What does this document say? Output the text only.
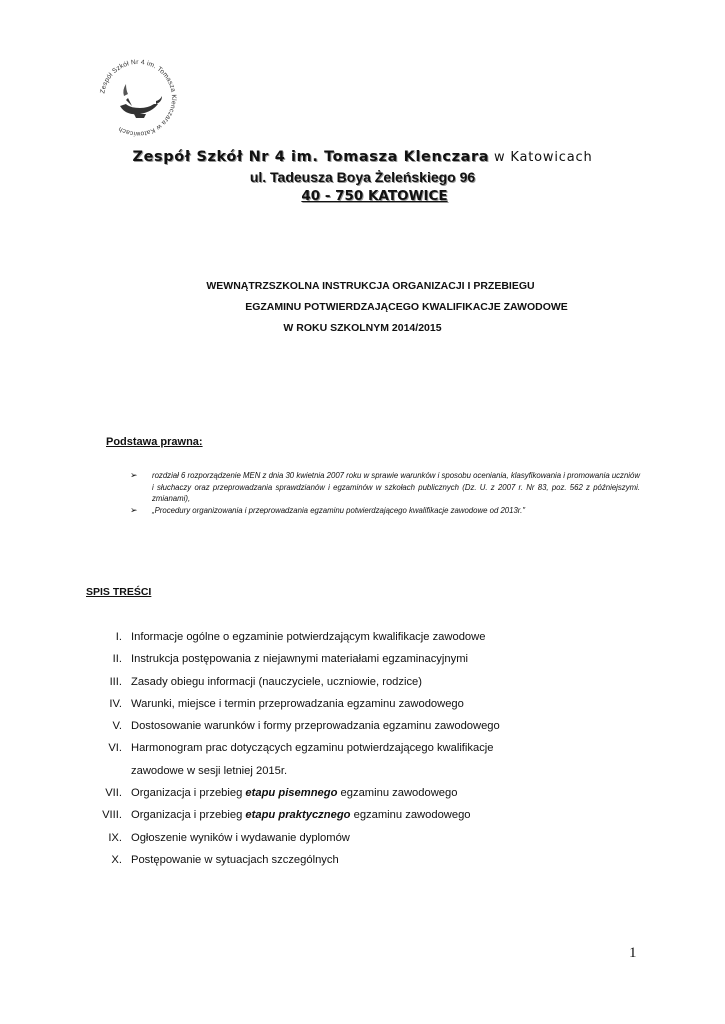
Zespół Szkół Nr 4 im. Tomasza Klenczara w Katowicach
Zespół Szkół Nr 4 im. Tomasza Klenczara w Katowicach
ul. Tadeusza Boya Żeleńskiego 96
40 - 750 KATOWICE
WEWNĄTRZSZKOLNA INSTRUKCJA ORGANIZACJI I PRZEBIEGU
EGZAMINU POTWIERDZAJĄCEGO KWALIFIKACJE ZAWODOWE
W ROKU SZKOLNYM 2014/2015
Podstawa prawna:
➢ rozdział 6 rozporządzenie MEN z dnia 30 kwietnia 2007 roku w sprawie warunków i sposobu oceniania, klasyfikowania i promowania uczniów i słuchaczy oraz przeprowadzania sprawdzianów i egzaminów w szkołach publicznych (Dz. U. z 2007 r. Nr 83, poz. 562 z późniejszymi. zmianami),
➢ „Procedury organizowania i przeprowadzania egzaminu potwierdzającego kwalifikacje zawodowe od 2013r."
SPIS TREŚCI
I. Informacje ogólne o egzaminie potwierdzającym kwalifikacje zawodowe
II. Instrukcja postępowania z niejawnymi materiałami egzaminacyjnymi
III. Zasady obiegu informacji (nauczyciele, uczniowie, rodzice)
IV. Warunki, miejsce i termin przeprowadzania egzaminu zawodowego
V. Dostosowanie warunków i formy przeprowadzania egzaminu zawodowego
VI. Harmonogram prac dotyczących egzaminu potwierdzającego kwalifikacje
zawodowe w sesji letniej 2015r.
VII. Organizacja i przebieg etapu pisemnego egzaminu zawodowego
VIII. Organizacja i przebieg etapu praktycznego egzaminu zawodowego
IX. Ogłoszenie wyników i wydawanie dyplomów
X. Postępowanie w sytuacjach szczególnych
1
